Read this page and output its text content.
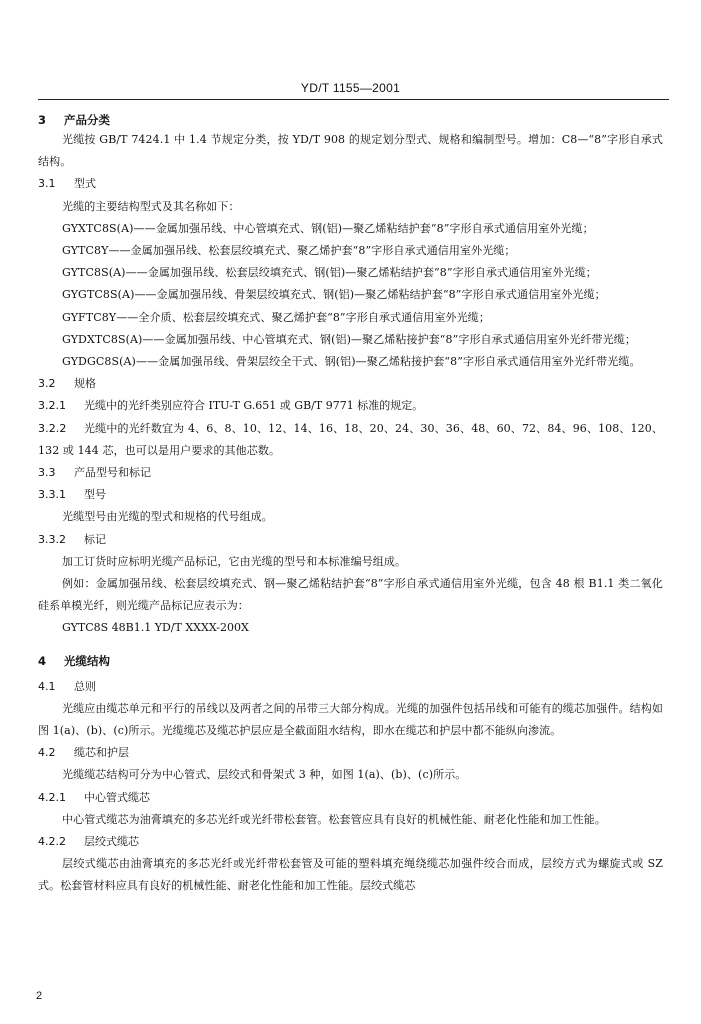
YD/T 1155—2001
3 产品分类
光缆按 GB/T 7424.1 中 1.4 节规定分类，按 YD/T 908 的规定划分型式、规格和编制型号。增加：C8—“8”字形自承式结构。
3.1 型式
光缆的主要结构型式及其名称如下：
GYXTC8S(A)——金属加强吊线、中心管填充式、钢(铝)—聚乙烯粘结护套“8”字形自承式通信用室外光缆；
GYTC8Y——金属加强吊线、松套层绞填充式、聚乙烯护套“8”字形自承式通信用室外光缆；
GYTC8S(A)——金属加强吊线、松套层绞填充式、钢(铝)—聚乙烯粘结护套“8”字形自承式通信用室外光缆；
GYGTC8S(A)——金属加强吊线、骨架层绞填充式、钢(铝)—聚乙烯粘结护套“8”字形自承式通信用室外光缆；
GYFTC8Y——全介质、松套层绞填充式、聚乙烯护套“8”字形自承式通信用室外光缆；
GYDXTC8S(A)——金属加强吊线、中心管填充式、钢(铝)—聚乙烯粘接护套“8”字形自承式通信用室外光纤带光缆；
GYDGC8S(A)——金属加强吊线、骨架层绞全干式、钢(铝)—聚乙烯粘接护套“8”字形自承式通信用室外光纤带光缆。
3.2 规格
3.2.1 光缆中的光纤类别应符合 ITU-T G.651 或 GB/T 9771 标准的规定。
3.2.2 光缆中的光纤数宜为 4、6、8、10、12、14、16、18、20、24、30、36、48、60、72、84、96、108、120、132 或 144 芯，也可以是用户要求的其他芯数。
3.3 产品型号和标记
3.3.1 型号
光缆型号由光缆的型式和规格的代号组成。
3.3.2 标记
加工订货时应标明光缆产品标记，它由光缆的型号和本标准编号组成。
例如：金属加强吊线、松套层绞填充式、钢—聚乙烯粘结护套“8”字形自承式通信用室外光缆，包含 48 根 B1.1 类二氧化硅系单模光纤，则光缆产品标记应表示为：
GYTC8S 48B1.1 YD/T XXXX-200X
4 光缆结构
4.1 总则
光缆应由缆芯单元和平行的吊线以及两者之间的吊带三大部分构成。光缆的加强件包括吊线和可能有的缆芯加强件。结构如图 1(a)、(b)、(c)所示。光缆缆芯及缆芯护层应是全截面阻水结构，即水在缆芯和护层中都不能纵向渗流。
4.2 缆芯和护层
光缆缆芯结构可分为中心管式、层绞式和骨架式 3 种，如图 1(a)、(b)、(c)所示。
4.2.1 中心管式缆芯
中心管式缆芯为油膏填充的多芯光纤或光纤带松套管。松套管应具有良好的机械性能、耐老化性能和加工性能。
4.2.2 层绞式缆芯
层绞式缆芯由油膏填充的多芯光纤或光纤带松套管及可能的塑料填充绳绕缆芯加强件绞合而成，层绞方式为螺旋式或 SZ 式。松套管材料应具有良好的机械性能、耐老化性能和加工性能。层绞式缆芯
2
